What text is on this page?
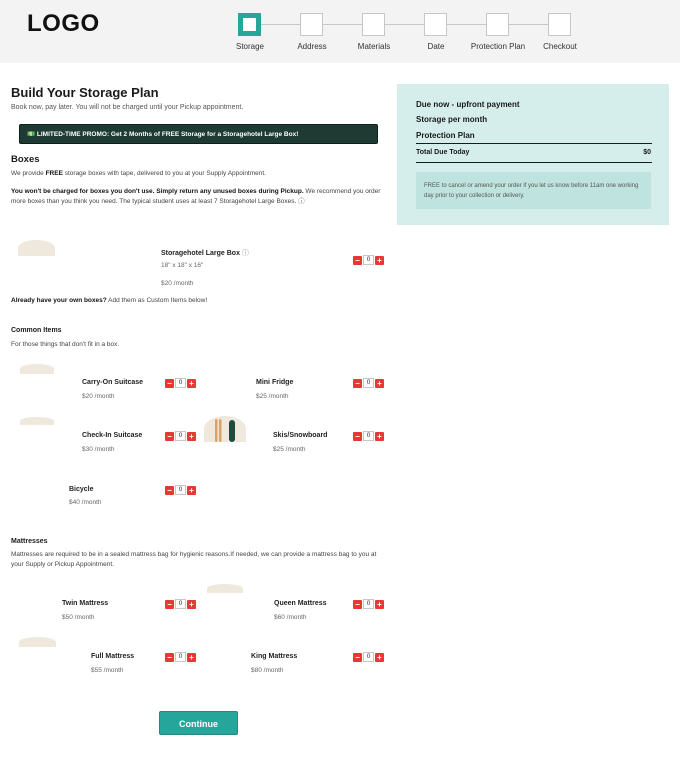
LOGO
Storage	Address	Materials	Date	Protection Plan Checkout
Build Your Storage Plan
Book now, pay later. You will not be charged until your Pickup appointment.
💵 LIMITED-TIME PROMO: Get 2 Months of FREE Storage for a Storagehotel Large Box!
Boxes
We provide FREE storage boxes with tape, delivered to you at your Supply Appointment.
You won't be charged for boxes you don't use. Simply return any unused boxes during Pickup. We recommend you order more boxes than you think you need. The typical student uses at least 7 Storagehotel Large Boxes. ⓘ
Storagehotel Large Box ⓘ
18" x 18" x 16"
$20 /month
−	0 +
Already have your own boxes? Add them as Custom Items below!
Common Items
For those things that don't fit in a box.
Carry-On Suitcase
$20 /month
−	0 +	Mini Fridge
$25 /month
−	0 +
Check-In Suitcase
$30 /month
−	0 +	Skis/Snowboard
$25 /month
−	0 +
Bicycle
$40 /month
−	0 +
Mattresses
Mattresses are required to be in a sealed mattress bag for hygienic reasons.If needed, we can provide a mattress bag to you at your Supply or Pickup Appointment.
Twin Mattress
$50 /month
−	0 +	Queen Mattress
$60 /month
−	0 +
Full Mattress
$55 /month
−	0 +	King Mattress
$80 /month
−	0 +
Continue
Due now - upfront payment
Storage per month
Protection Plan
Total Due Today	$0
FREE to cancel or amend your order if you let us know before 11am one working day prior to your collection or delivery.
